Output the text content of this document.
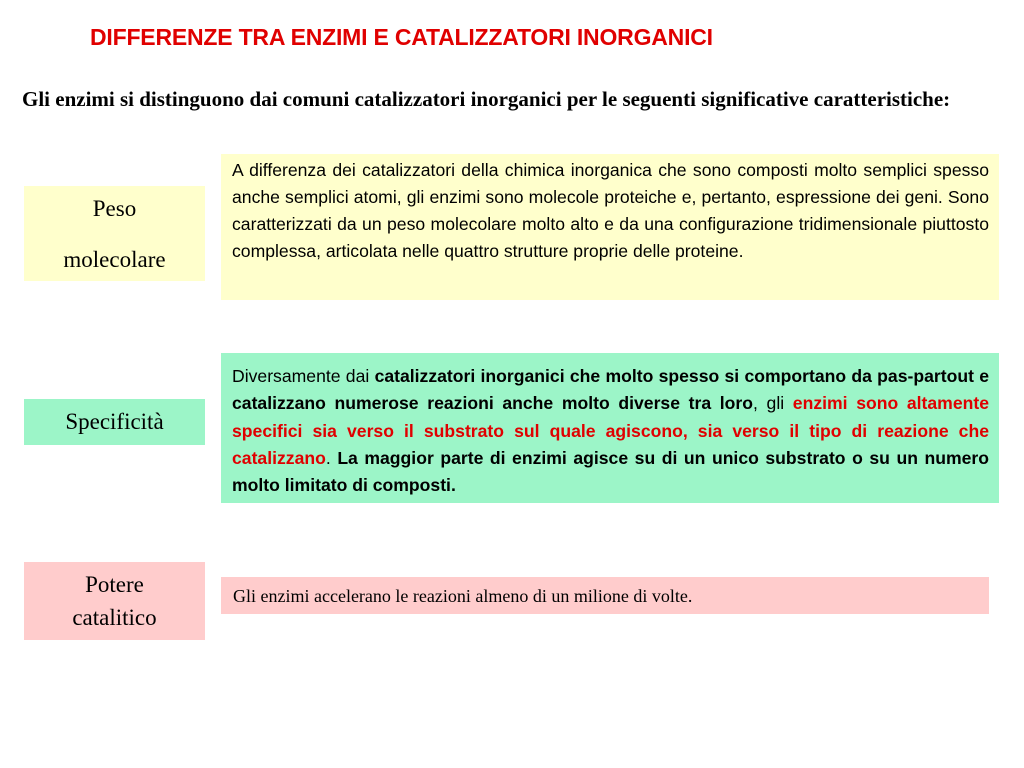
DIFFERENZE TRA ENZIMI E CATALIZZATORI INORGANICI
Gli enzimi si distinguono dai comuni catalizzatori inorganici per le seguenti significative caratteristiche:
Peso
molecolare
A differenza dei catalizzatori della chimica inorganica che sono composti molto semplici spesso anche semplici atomi, gli enzimi sono molecole proteiche e, pertanto, espressione dei geni. Sono caratterizzati da un peso molecolare molto alto e da una configurazione tridimensionale piuttosto complessa, articolata nelle quattro strutture proprie delle proteine.
Specificità
Diversamente dai catalizzatori inorganici che molto spesso si comportano da pas-partout e catalizzano numerose reazioni anche molto diverse tra loro, gli enzimi sono altamente specifici sia verso il substrato sul quale agiscono, sia verso il tipo di reazione che catalizzano. La maggior parte di enzimi agisce su di un unico substrato o su un numero molto limitato di composti.
Potere
catalitico
Gli enzimi accelerano le reazioni almeno di un milione di volte.
